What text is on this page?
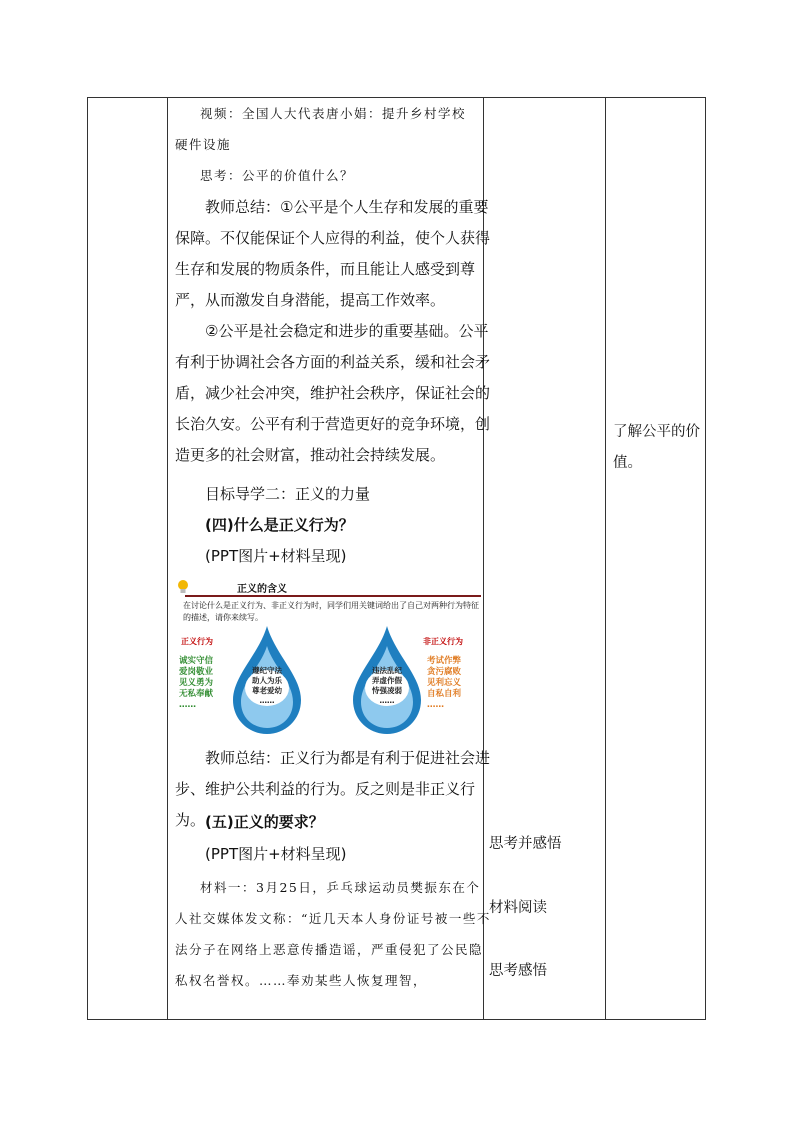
视频：全国人大代表唐小娟：提升乡村学校

硬件设施

思考：公平的价值什么？

教师总结：①公平是个人生存和发展的重要保障。不仅能保证个人应得的利益，使个人获得生存和发展的物质条件，而且能让人感受到尊严，从而激发自身潜能，提高工作效率。

②公平是社会稳定和进步的重要基础。公平有利于协调社会各方面的利益关系，缓和社会矛盾，减少社会冲突，维护社会秩序，保证社会的长治久安。公平有利于营造更好的竞争环境，创造更多的社会财富，推动社会持续发展。

目标导学二：正义的力量

(四)什么是正义行为？

(PPT图片+材料呈现)

正义的含义
在讨论什么是正义行为、非正义行为时，同学们用关键词给出了自己对两种行为特征的描述，请你来续写。
正义行为
诚实守信
爱岗敬业
见义勇为
无私奉献
……
遵纪守法
助人为乐
尊老爱幼
……
违法乱纪
弄虚作假
恃强凌弱
……
非正义行为
考试作弊
贪污腐败
见利忘义
自私自利
……

教师总结：正义行为都是有利于促进社会进步、维护公共利益的行为。反之则是非正义行为。 (五)正义的要求？

(PPT图片+材料呈现)

材料一：3月25日，乒乓球运动员樊振东在个人社交媒体发文称：“近几天本人身份证号被一些不法分子在网络上恶意传播造谣，严重侵犯了公民隐私权名誉权。……奉劝某些人恢复理智，

思考并感悟
材料阅读
思考感悟
了解公平的价
值。
